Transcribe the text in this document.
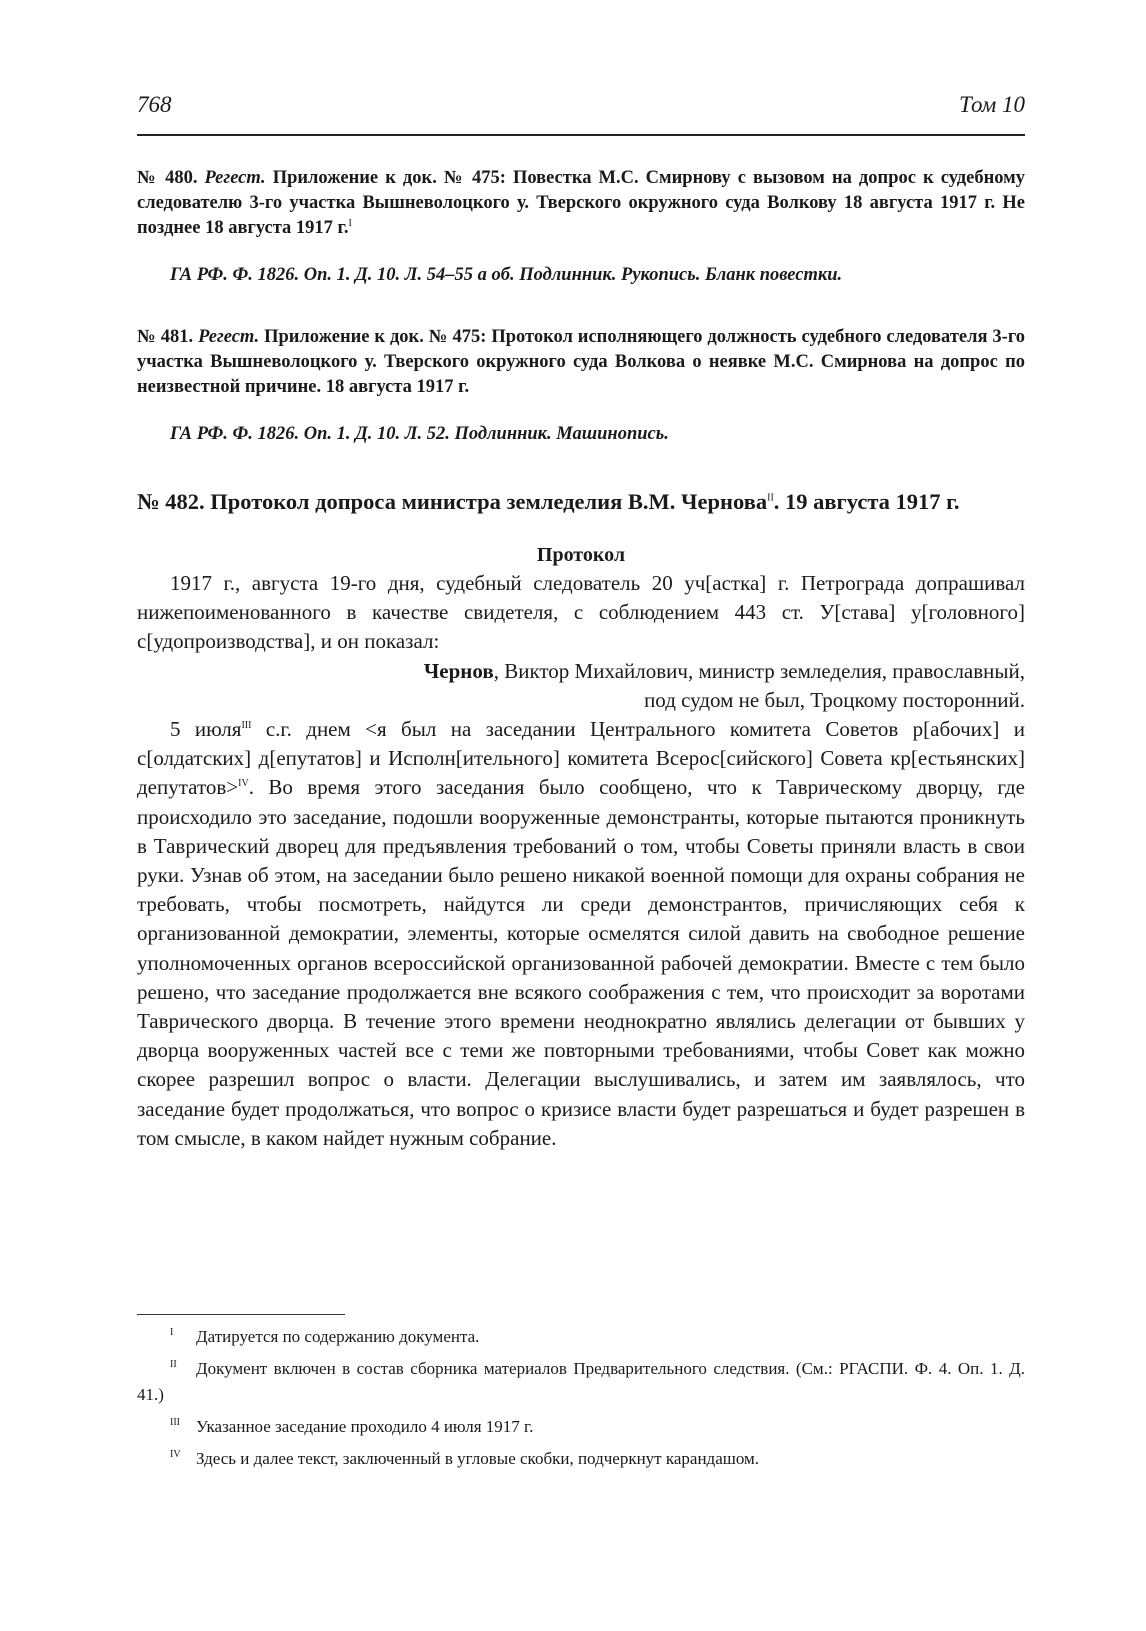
768	Том 10

№ 480. Регест. Приложение к док. № 475: Повестка М.С. Смирнову с вызовом на допрос к судебному следователю 3-го участка Вышневолоцкого у. Тверского окружного суда Волкову 18 августа 1917 г. Не позднее 18 августа 1917 г.$^I$

ГА РФ. Ф. 1826. Оп. 1. Д. 10. Л. 54–55 а об. Подлинник. Рукопись. Бланк повестки.

№ 481. Регест. Приложение к док. № 475: Протокол исполняющего должность судебного следователя 3-го участка Вышневолоцкого у. Тверского окружного суда Волкова о неявке М.С. Смирнова на допрос по неизвестной причине. 18 августа 1917 г.

ГА РФ. Ф. 1826. Оп. 1. Д. 10. Л. 52. Подлинник. Машинопись.

№ 482. Протокол допроса министра земледелия В.М. Чернова$^{II}$. 19 августа 1917 г.

Протокол

1917 г., августа 19-го дня, судебный следователь 20 уч[астка] г. Петрограда допрашивал нижепоименованного в качестве свидетеля, с соблюдением 443 ст. У[става] у[головного] с[удопроизводства], и он показал:

Чернов, Виктор Михайлович, министр земледелия, православный,

под судом не был, Троцкому посторонний.

5 июля$^{III}$ с.г. днем <я был на заседании Центрального комитета Советов р[абочих] и с[олдатских] д[епутатов] и Исполн[ительного] комитета Всерос[сийского] Совета кр[естьянских] депутатов>$^{IV}$. Во время этого заседания было сообщено, что к Таврическому дворцу, где происходило это заседание, подошли вооруженные демонстранты, которые пытаются проникнуть в Таврический дворец для предъявления требований о том, чтобы Советы приняли власть в свои руки. Узнав об этом, на заседании было решено никакой военной помощи для охраны собрания не требовать, чтобы посмотреть, найдутся ли среди демонстрантов, причисляющих себя к организованной демократии, элементы, которые осмелятся силой давить на свободное решение уполномоченных органов всероссийской организованной рабочей демократии. Вместе с тем было решено, что заседание продолжается вне всякого соображения с тем, что происходит за воротами Таврического дворца. В течение этого времени неоднократно являлись делегации от бывших у дворца вооруженных частей все с теми же повторными требованиями, чтобы Совет как можно скорее разрешил вопрос о власти. Делегации выслушивались, и затем им заявлялось, что заседание будет продолжаться, что вопрос о кризисе власти будет разрешаться и будет разрешен в том смысле, в каком найдет нужным собрание.

I Датируется по содержанию документа.

II Документ включен в состав сборника материалов Предварительного следствия. (См.: РГАСПИ. Ф. 4. Оп. 1. Д. 41.)

III Указанное заседание проходило 4 июля 1917 г.

IV Здесь и далее текст, заключенный в угловые скобки, подчеркнут карандашом.
